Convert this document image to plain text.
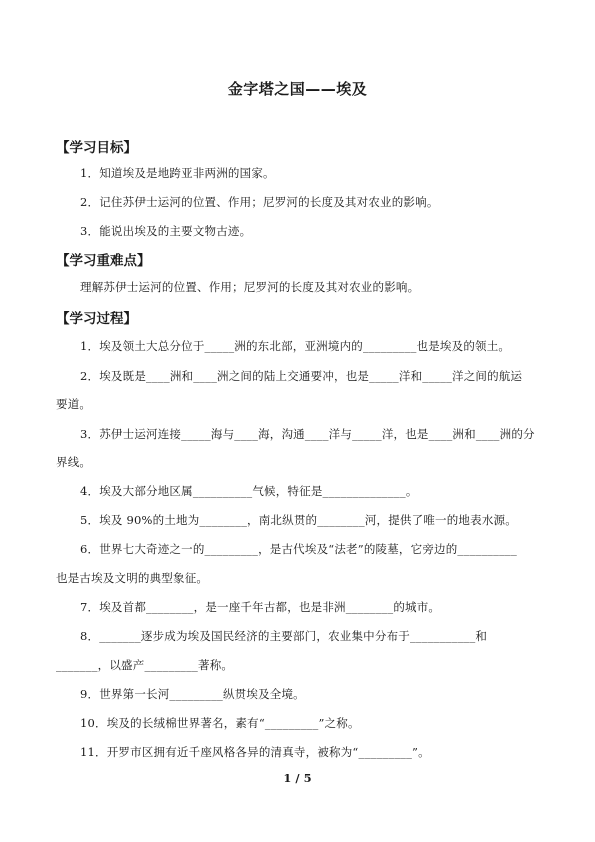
金字塔之国——埃及
【学习目标】
1．知道埃及是地跨亚非两洲的国家。
2．记住苏伊士运河的位置、作用；尼罗河的长度及其对农业的影响。
3．能说出埃及的主要文物古迹。
【学习重难点】
理解苏伊士运河的位置、作用；尼罗河的长度及其对农业的影响。
【学习过程】
1．埃及领土大总分位于_____洲的东北部，亚洲境内的_________也是埃及的领土。
2．埃及既是____洲和____洲之间的陆上交通要冲，也是_____洋和_____洋之间的航运
要道。
3．苏伊士运河连接_____海与____海，沟通____洋与_____洋，也是____洲和____洲的分
界线。
4．埃及大部分地区属__________气候，特征是______________。
5．埃及 90%的土地为________，南北纵贯的________河，提供了唯一的地表水源。
6．世界七大奇迹之一的_________，是古代埃及“法老”的陵墓，它旁边的__________
也是古埃及文明的典型象征。
7．埃及首都________，是一座千年古都，也是非洲________的城市。
8．_______逐步成为埃及国民经济的主要部门，农业集中分布于___________和
_______，以盛产_________著称。
9．世界第一长河_________纵贯埃及全境。
10．埃及的长绒棉世界著名，素有“_________”之称。
11．开罗市区拥有近千座风格各异的清真寺，被称为“_________”。
1 / 5
